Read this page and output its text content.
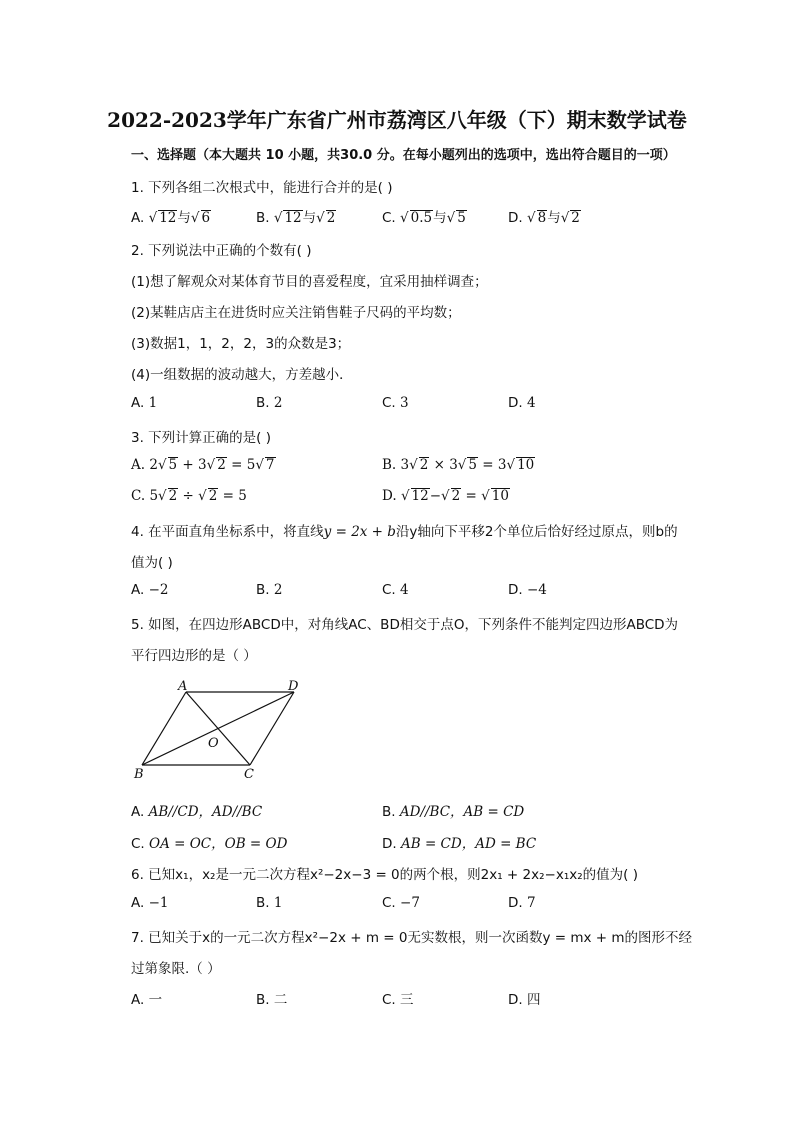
2022-2023学年广东省广州市荔湾区八年级（下）期末数学试卷
一、选择题（本大题共 10 小题，共30.0 分。在每小题列出的选项中，选出符合题目的一项）
1. 下列各组二次根式中，能进行合并的是( )
A. √ 12与√ 6	B. √ 12与√ 2	C. √ 0.5与√ 5	D. √ 8与√ 2
2. 下列说法中正确的个数有( )
(1)想了解观众对某体育节目的喜爱程度，宜采用抽样调查；
(2)某鞋店店主在进货时应关注销售鞋子尺码的平均数；
(3)数据1，1，2，2，3的众数是3；
(4)一组数据的波动越大，方差越小．
A. 1	B. 2	C. 3	D. 4
3. 下列计算正确的是( )
A. 2√ 5 + 3√ 2 = 5√ 7	B. 3√ 2 × 3√ 5 = 3√ 10
C. 5√ 2 ÷ √ 2 = 5	D. √ 12−√ 2 = √ 10
4. 在平面直角坐标系中，将直线y = 2x + b沿y轴向下平移2个单位后恰好经过原点，则b的
值为( )
A. −2	B. 2	C. 4	D. −4
5. 如图，在四边形ABCD中，对角线AC、BD相交于点O，下列条件不能判定四边形ABCD为
平行四边形的是（ ）
A	D
B	C
O
A. AB//CD，AD//BC	B. AD//BC，AB = CD
C. OA = OC，OB = OD	D. AB = CD，AD = BC
6. 已知x₁，x₂是一元二次方程x²−2x−3 = 0的两个根，则2x₁ + 2x₂−x₁x₂的值为( )
A. −1	B. 1	C. −7	D. 7
7. 已知关于x的一元二次方程x²−2x + m = 0无实数根，则一次函数y = mx + m的图形不经
过第象限.（ ）
A. 一	B. 二	C. 三	D. 四
